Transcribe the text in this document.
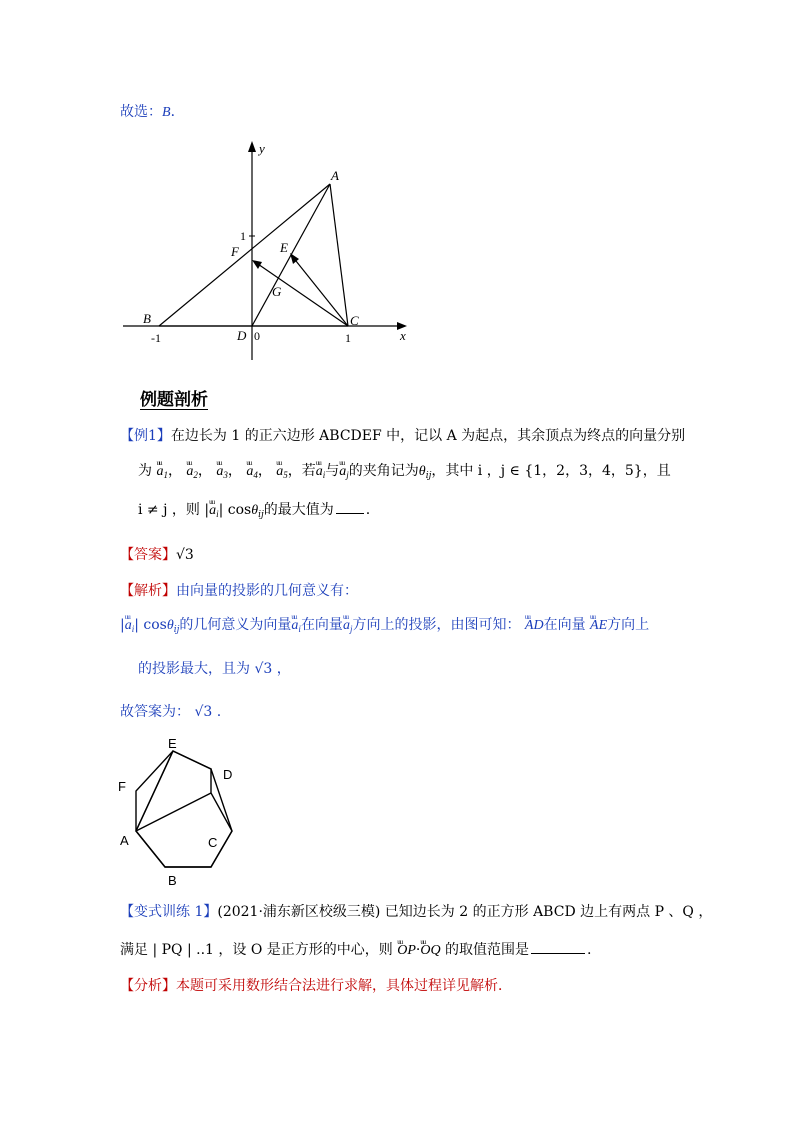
故选：B．
x
y
A
B	C
D
E
F
G
-1	0	1
1
例题剖析
【例1】在边长为 1 的正六边形 ABCDEF 中，记以 A 为起点，其余顶点为终点的向量分别
为 uu $a_1$， uu $a_2$， uu $a_3$， uu $a_4$， uu $a_5$，若uu $a_i$与uu $a_j$的夹角记为$\theta_{ij}$，其中 i ，j ∈ {1，2，3，4，5}，且
i ≠ j ，则 |uu $a_i|$ cosθ$_{ij}$的最大值为 .
【答案】√3
【解析】由向量的投影的几何意义有：
|uu $a_i|$ cosθ$_{ij}$的几何意义为向量uu $a_i$在向量uu $a_j$方向上的投影，由图可知： uu AD在向量 uu AE方向上
的投影最大，且为 √3 ，
故答案为： √3 .
A
B
C
D
E
F
【变式训练 1】(2021·浦东新区校级三模) 已知边长为 2 的正方形 ABCD 边上有两点 P 、Q ，
满足 | PQ | ..1 ，设 O 是正方形的中心，则 uu OP·uu OQ 的取值范围是	.
【分析】本题可采用数形结合法进行求解，具体过程详见解析．
